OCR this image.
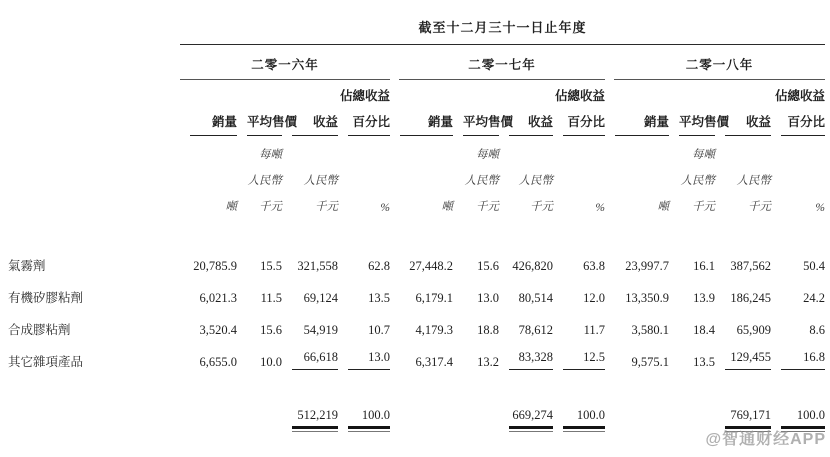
	截至十二月三十一日止年度											

	二零一六年				二零一七年				二零一八年			

				佔總收益				佔總收益				佔總收益

	銷量	平均售價	收益	百分比	銷量	平均售價	收益	百分比	銷量	平均售價	收益	百分比

		每噸				每噸				每噸		
		人民幣	人民幣			人民幣	人民幣			人民幣	人民幣	
	噸	千元	千元	%	噸	千元	千元	%	噸	千元	千元	%

氣霧劑	20,785.9	15.5	321,558	62.8	27,448.2	15.6	426,820	63.8	23,997.7	16.1	387,562	50.4
有機矽膠粘劑	6,021.3	11.5	69,124	13.5	6,179.1	13.0	80,514	12.0	13,350.9	13.9	186,245	24.2
合成膠粘劑	3,520.4	15.6	54,919	10.7	4,179.3	18.8	78,612	11.7	3,580.1	18.4	65,909	8.6
其它雜項產品	6,655.0	10.0	66,618	13.0	6,317.4	13.2	83,328	12.5	9,575.1	13.5	129,455	16.8

			512,219	100.0			669,274	100.0			769,171	100.0
@智通财经APP
